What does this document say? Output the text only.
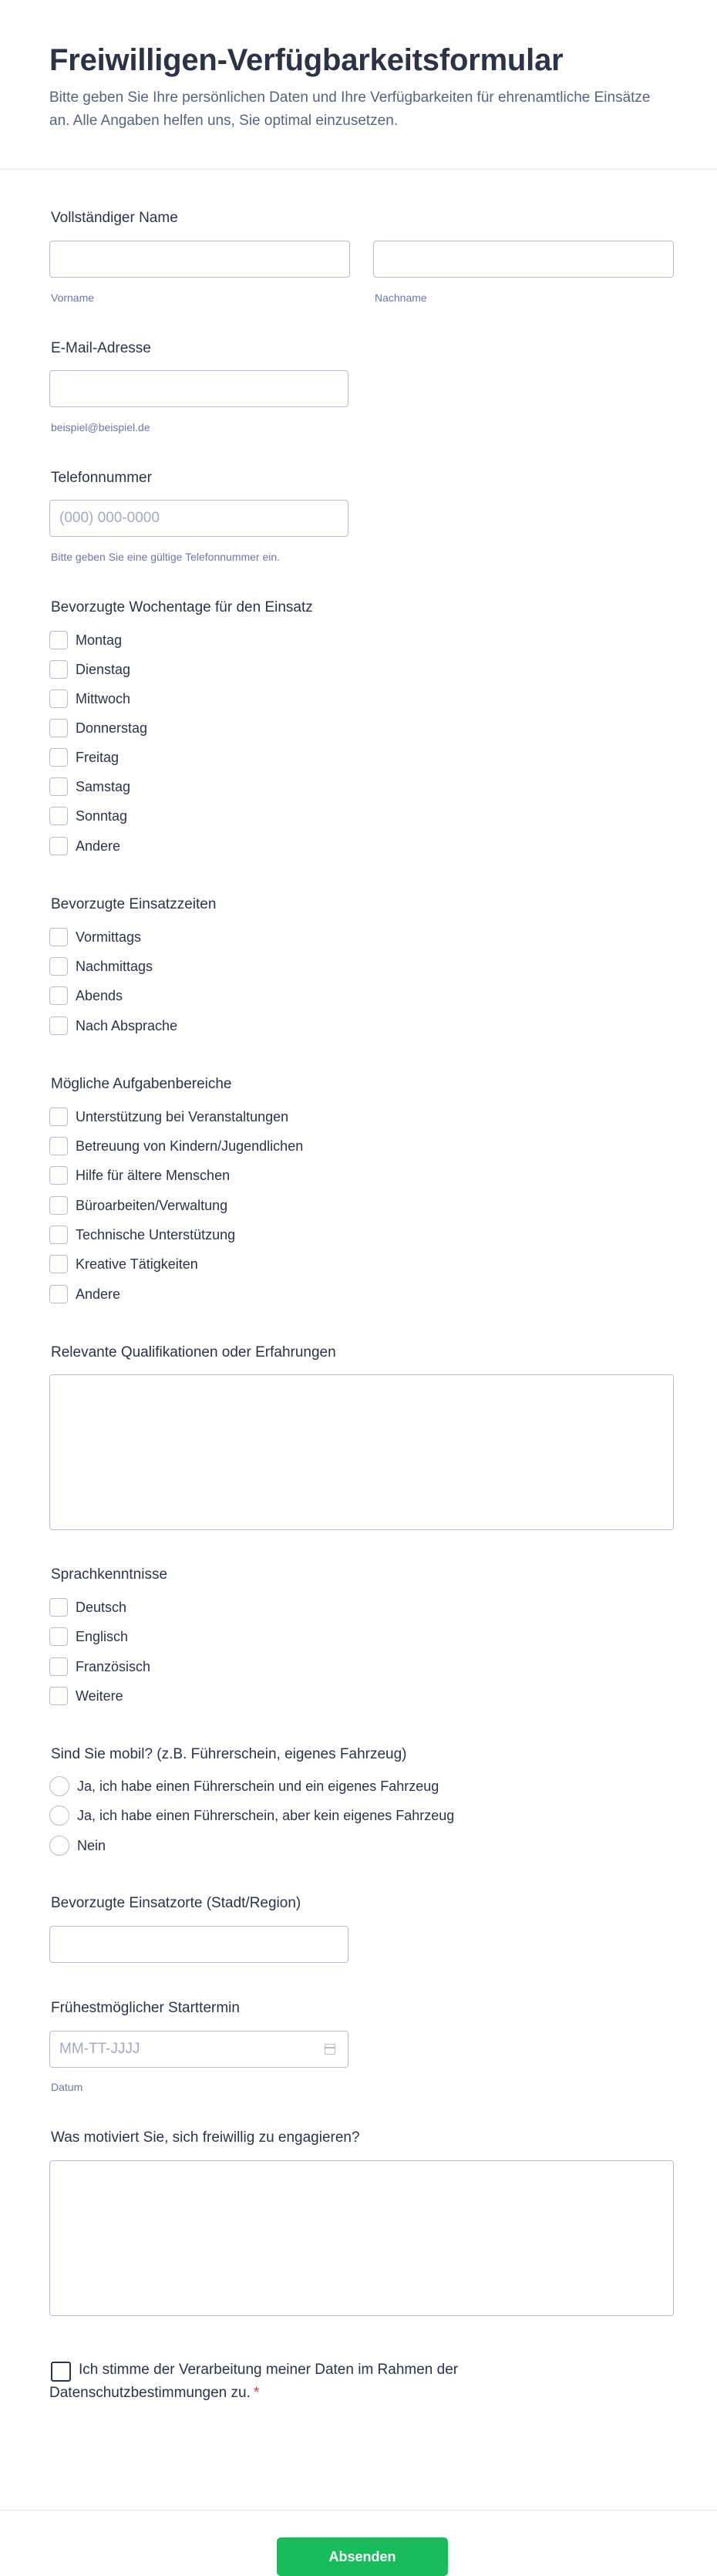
Freiwilligen-Verfügbarkeitsformular
Bitte geben Sie Ihre persönlichen Daten und Ihre Verfügbarkeiten für ehrenamtliche Einsätze an. Alle Angaben helfen uns, Sie optimal einzusetzen.
Vollständiger Name
Vorname	Nachname
E-Mail-Adresse
beispiel@beispiel.de
Telefonnummer
(000) 000-0000
Bitte geben Sie eine gültige Telefonnummer ein.
Bevorzugte Wochentage für den Einsatz
Montag
Dienstag
Mittwoch
Donnerstag
Freitag
Samstag
Sonntag
Andere
Bevorzugte Einsatzzeiten
Vormittags
Nachmittags
Abends
Nach Absprache
Mögliche Aufgabenbereiche
Unterstützung bei Veranstaltungen
Betreuung von Kindern/Jugendlichen
Hilfe für ältere Menschen
Büroarbeiten/Verwaltung
Technische Unterstützung
Kreative Tätigkeiten
Andere
Relevante Qualifikationen oder Erfahrungen
Sprachkenntnisse
Deutsch
Englisch
Französisch
Weitere
Sind Sie mobil? (z.B. Führerschein, eigenes Fahrzeug)
Ja, ich habe einen Führerschein und ein eigenes Fahrzeug
Ja, ich habe einen Führerschein, aber kein eigenes Fahrzeug
Nein
Bevorzugte Einsatzorte (Stadt/Region)
Frühestmöglicher Starttermin
MM-TT-JJJJ
Datum
Was motiviert Sie, sich freiwillig zu engagieren?
Ich stimme der Verarbeitung meiner Daten im Rahmen der Datenschutzbestimmungen zu. *
Absenden
